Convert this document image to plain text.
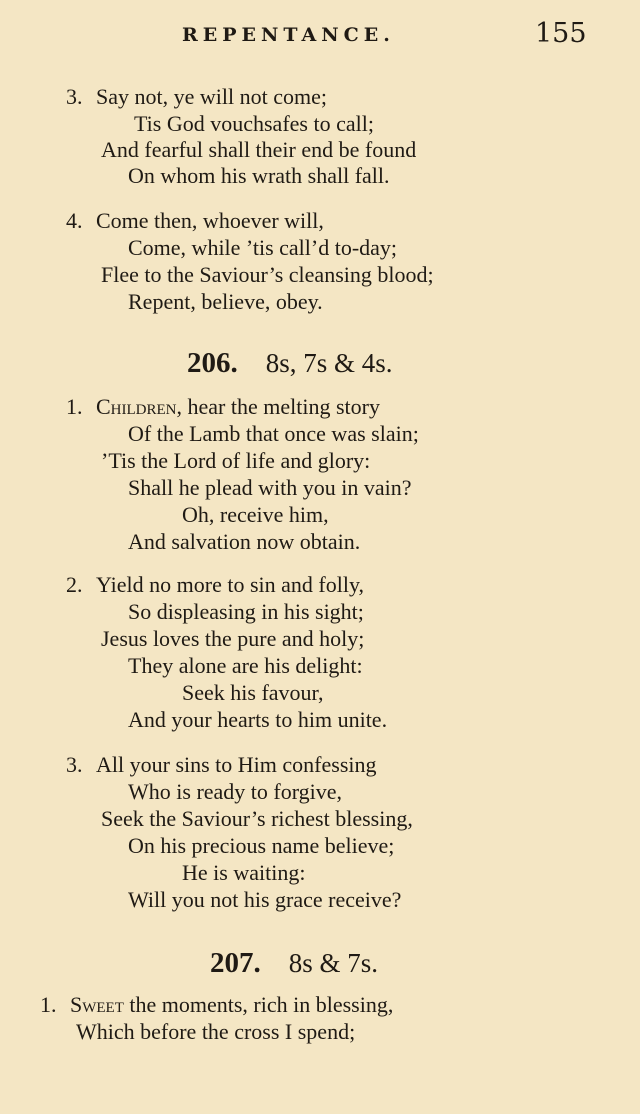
REPENTANCE.	155
3. Say not, ye will not come;
Tis God vouchsafes to call;
And fearful shall their end be found
On whom his wrath shall fall.
4. Come then, whoever will,
Come, while ’tis call’d to-day;
Flee to the Saviour’s cleansing blood;
Repent, believe, obey.
206. 8s, 7s & 4s.
1. Children, hear the melting story
Of the Lamb that once was slain;
’Tis the Lord of life and glory:
Shall he plead with you in vain?
Oh, receive him,
And salvation now obtain.
2. Yield no more to sin and folly,
So displeasing in his sight;
Jesus loves the pure and holy;
They alone are his delight:
Seek his favour,
And your hearts to him unite.
3. All your sins to Him confessing
Who is ready to forgive,
Seek the Saviour’s richest blessing,
On his precious name believe;
He is waiting:
Will you not his grace receive?
207. 8s & 7s.
1. Sweet the moments, rich in blessing,
Which before the cross I spend;
